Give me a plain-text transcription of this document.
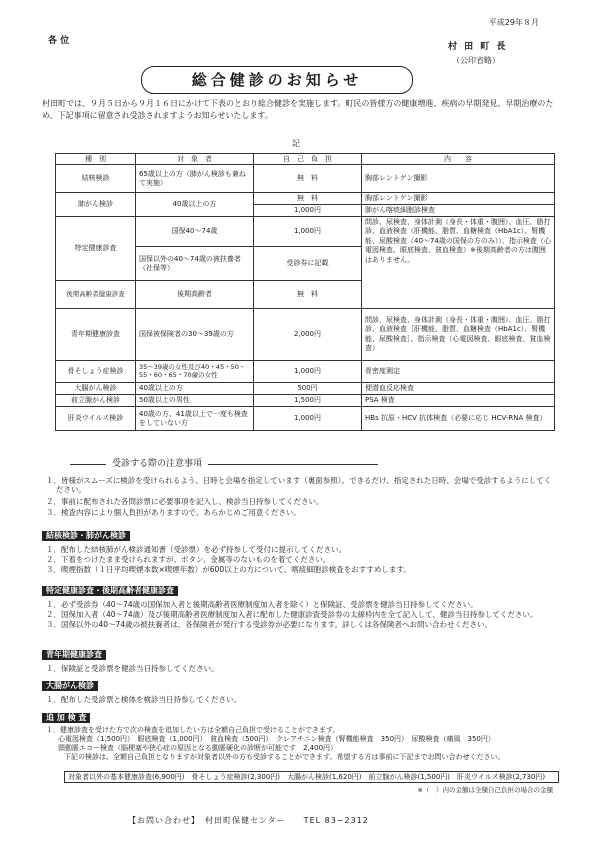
平成29年８月
各 位
村 田 町 長
（公印省略）
総合健診のお知らせ
村田町では、９月５日から９月１６日にかけて下表のとおり総合健診を実施します。町民の皆様方の健康増進、疾病の早期発見、早期治療のため、下記事項に留意され受診されますようお知らせいたします。
記
種　別	対　象　者	自　己　負　担	内　　容
結核検診	65歳以上の方（肺がん検診も兼ねて実施）	無　料	胸部レントゲン撮影
肺がん検診	40歳以上の方	無　料	胸部レントゲン撮影
		1,000円	肺がん喀痰細胞診検査
特定健康診査	国保40〜74歳	1,000円	問診、尿検査、身体計測（身長・体重・腹囲）、血圧、脂打診、血液検査（肝機能、脂質、血糖検査（HbA1c）、腎機能、尿酸検査（40〜74歳の国保の方のみ））、指示検査（心電図検査、眼底検査、貧血検査）※後期高齢者の方は腹囲はありません。
	国保以外の40〜74歳の被扶養者（社保等）	受診券に記載	
後期高齢者健康診査	後期高齢者	無　料	
青年期健康診査	国保被保険者の30〜39歳の方	2,000円	問診、尿検査、身体計測（身長・体重・腹囲）、血圧、脂打診、血液検査［肝機能、脂質、血糖検査（HbA1c）、腎機能、尿酸検査］、指示検査（心電図検査、眼底検査、貧血検査）
骨そしょう症検診	35〜39歳の女性及び40・45・50・55・60・65・70歳の女性	1,000円	骨密度測定
大腸がん検診	40歳以上の方	500円	便潜血反応検査
前立腺がん検診	50歳以上の男性	1,500円	PSA 検査
肝炎ウイルス検診	40歳の方、41歳以上で一度も検査をしていない方	1,000円	HBs 抗原・HCV 抗体検査（必要に応じ HCV-RNA 検査）
受診する際の注意事項
１．皆様がスムーズに検診を受けられるよう、日時と会場を指定しています（裏面参照）。できるだけ、指定された日時、会場で受診するようにしてください。
２．事前に配布された各問診票に必要事項を記入し、検診当日持参してください。
３．検査内容により個人負担がありますので、あらかじめご用意ください。
結核検診・肺がん検診
１．配布した結核肺がん検診通知書（受診票）を必ず持参して受付に提示してください。
２．下着をつけたまま受けられますが、ボタン、金属等のないものを着てください。
３．喫煙指数（１日平均喫煙本数×喫煙年数）が600以上の方について、喀痰細胞診検査をおすすめします。
特定健康診査・後期高齢者健康診査
１．必ず受診券（40〜74歳の国保加入者と後期高齢者医療制度加入者を除く）と保険証、受診票を健診当日持参してください。
２．国保加入者（40〜74歳）及び後期高齢者医療制度加入者に配布した健康診査受診券の太線枠内を全て記入して、健診当日持参してください。
３．国保以外の40〜74歳の被扶養者は、各保険者が発行する受診券が必要になります。詳しくは各保険者へお問い合わせください。
青年期健康診査
１．保険証と受診票を健診当日持参してください。
大腸がん検診
１．配布した受診票と検体を検診当日持参してください。
追 加 検 査
１．健康診査を受けた方で次の検査を追加したい方は全額自己負担で受けることができます。
心電図検査（1,500円）　眼底検査（1,000円）　貧血検査（500円）　クレアチニン検査（腎機能検査　350円）　尿酸検査（痛風　350円）
頸動脈エコー検査（脳梗塞や狭心症の原因となる動脈硬化の診断が可能です　2,400円）
下記の検診は、全額自己負担となりますが対象者以外の方も受診することができます。希望する方は事前に下記までお問い合わせください。
対象者以外の基本健康診査(6,900円)　骨そしょう症検診(2,300円)　大腸がん検診(1,620円)　前立腺がん検診(1,500円)　肝炎ウイルス検診(2,730円)
※（　）内の金額は全額自己負担の場合の金額
【お問い合わせ】　村田町保健センター　　TEL 83−2312
